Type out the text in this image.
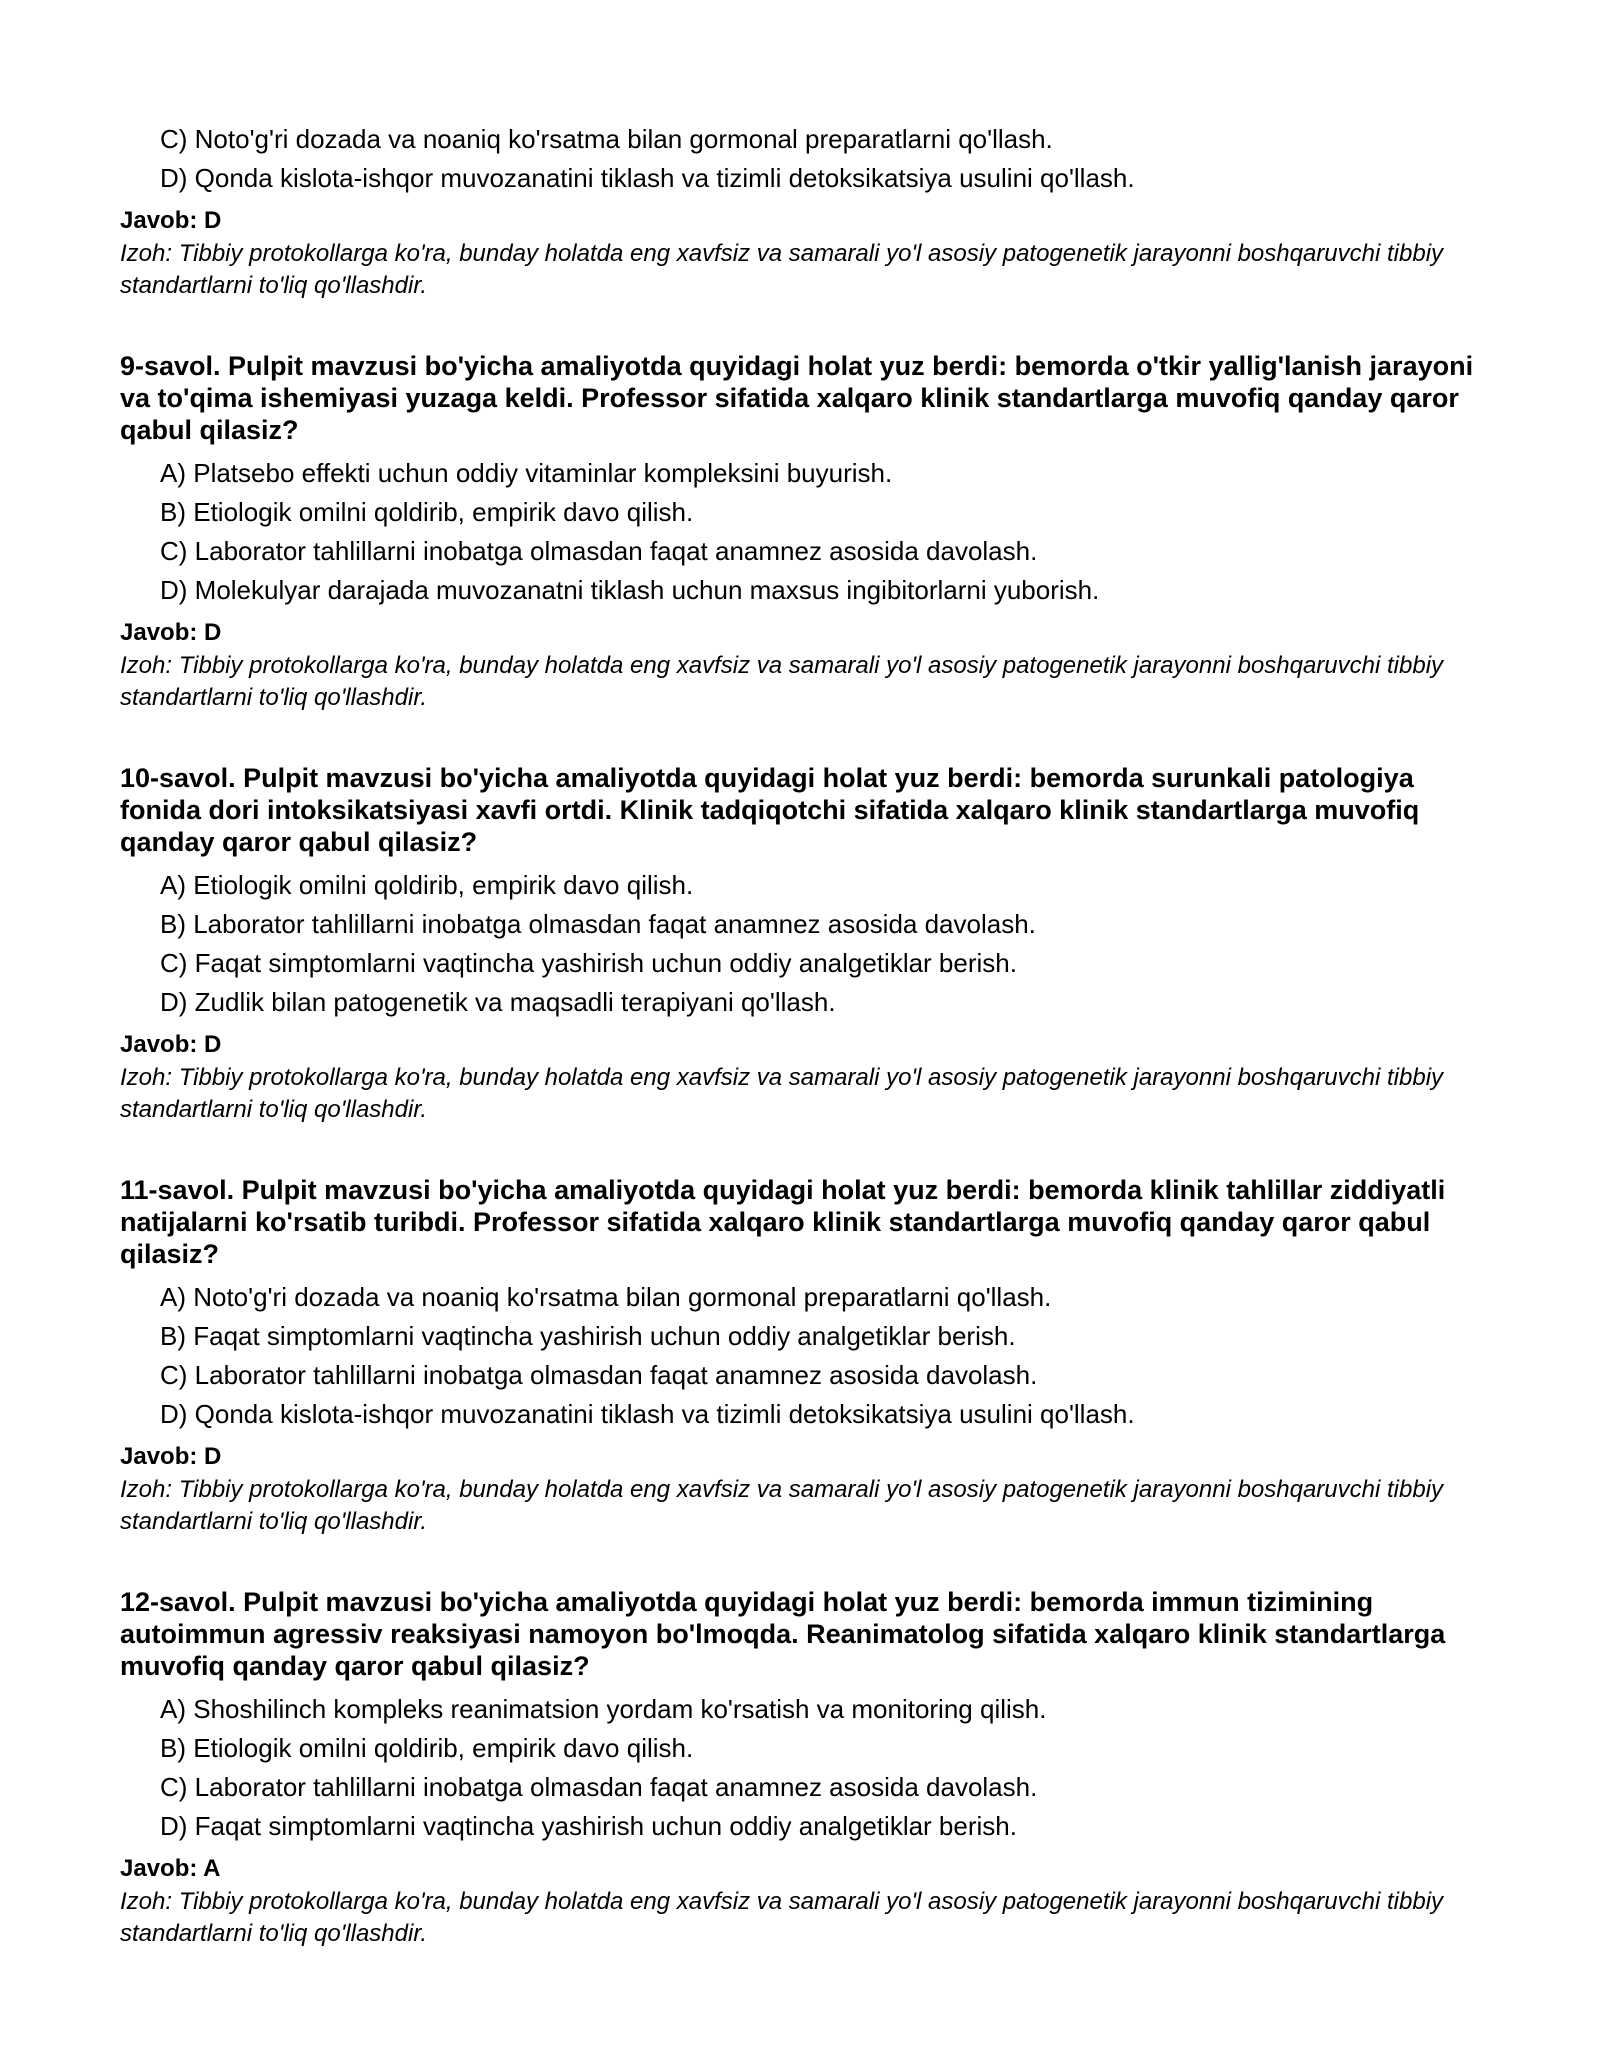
C) Noto'g'ri dozada va noaniq ko'rsatma bilan gormonal preparatlarni qo'llash.
D) Qonda kislota-ishqor muvozanatini tiklash va tizimli detoksikatsiya usulini qo'llash.
Javob: D
Izoh: Tibbiy protokollarga ko'ra, bunday holatda eng xavfsiz va samarali yo'l asosiy patogenetik jarayonni boshqaruvchi tibbiy standartlarni to'liq qo'llashdir.
9-savol. Pulpit mavzusi bo'yicha amaliyotda quyidagi holat yuz berdi: bemorda o'tkir yallig'lanish jarayoni va to'qima ishemiyasi yuzaga keldi. Professor sifatida xalqaro klinik standartlarga muvofiq qanday qaror qabul qilasiz?
A) Platsebo effekti uchun oddiy vitaminlar kompleksini buyurish.
B) Etiologik omilni qoldirib, empirik davo qilish.
C) Laborator tahlillarni inobatga olmasdan faqat anamnez asosida davolash.
D) Molekulyar darajada muvozanatni tiklash uchun maxsus ingibitorlarni yuborish.
Javob: D
Izoh: Tibbiy protokollarga ko'ra, bunday holatda eng xavfsiz va samarali yo'l asosiy patogenetik jarayonni boshqaruvchi tibbiy standartlarni to'liq qo'llashdir.
10-savol. Pulpit mavzusi bo'yicha amaliyotda quyidagi holat yuz berdi: bemorda surunkali patologiya fonida dori intoksikatsiyasi xavfi ortdi. Klinik tadqiqotchi sifatida xalqaro klinik standartlarga muvofiq qanday qaror qabul qilasiz?
A) Etiologik omilni qoldirib, empirik davo qilish.
B) Laborator tahlillarni inobatga olmasdan faqat anamnez asosida davolash.
C) Faqat simptomlarni vaqtincha yashirish uchun oddiy analgetiklar berish.
D) Zudlik bilan patogenetik va maqsadli terapiyani qo'llash.
Javob: D
Izoh: Tibbiy protokollarga ko'ra, bunday holatda eng xavfsiz va samarali yo'l asosiy patogenetik jarayonni boshqaruvchi tibbiy standartlarni to'liq qo'llashdir.
11-savol. Pulpit mavzusi bo'yicha amaliyotda quyidagi holat yuz berdi: bemorda klinik tahlillar ziddiyatli natijalarni ko'rsatib turibdi. Professor sifatida xalqaro klinik standartlarga muvofiq qanday qaror qabul qilasiz?
A) Noto'g'ri dozada va noaniq ko'rsatma bilan gormonal preparatlarni qo'llash.
B) Faqat simptomlarni vaqtincha yashirish uchun oddiy analgetiklar berish.
C) Laborator tahlillarni inobatga olmasdan faqat anamnez asosida davolash.
D) Qonda kislota-ishqor muvozanatini tiklash va tizimli detoksikatsiya usulini qo'llash.
Javob: D
Izoh: Tibbiy protokollarga ko'ra, bunday holatda eng xavfsiz va samarali yo'l asosiy patogenetik jarayonni boshqaruvchi tibbiy standartlarni to'liq qo'llashdir.
12-savol. Pulpit mavzusi bo'yicha amaliyotda quyidagi holat yuz berdi: bemorda immun tizimining autoimmun agressiv reaksiyasi namoyon bo'lmoqda. Reanimatolog sifatida xalqaro klinik standartlarga muvofiq qanday qaror qabul qilasiz?
A) Shoshilinch kompleks reanimatsion yordam ko'rsatish va monitoring qilish.
B) Etiologik omilni qoldirib, empirik davo qilish.
C) Laborator tahlillarni inobatga olmasdan faqat anamnez asosida davolash.
D) Faqat simptomlarni vaqtincha yashirish uchun oddiy analgetiklar berish.
Javob: A
Izoh: Tibbiy protokollarga ko'ra, bunday holatda eng xavfsiz va samarali yo'l asosiy patogenetik jarayonni boshqaruvchi tibbiy standartlarni to'liq qo'llashdir.
